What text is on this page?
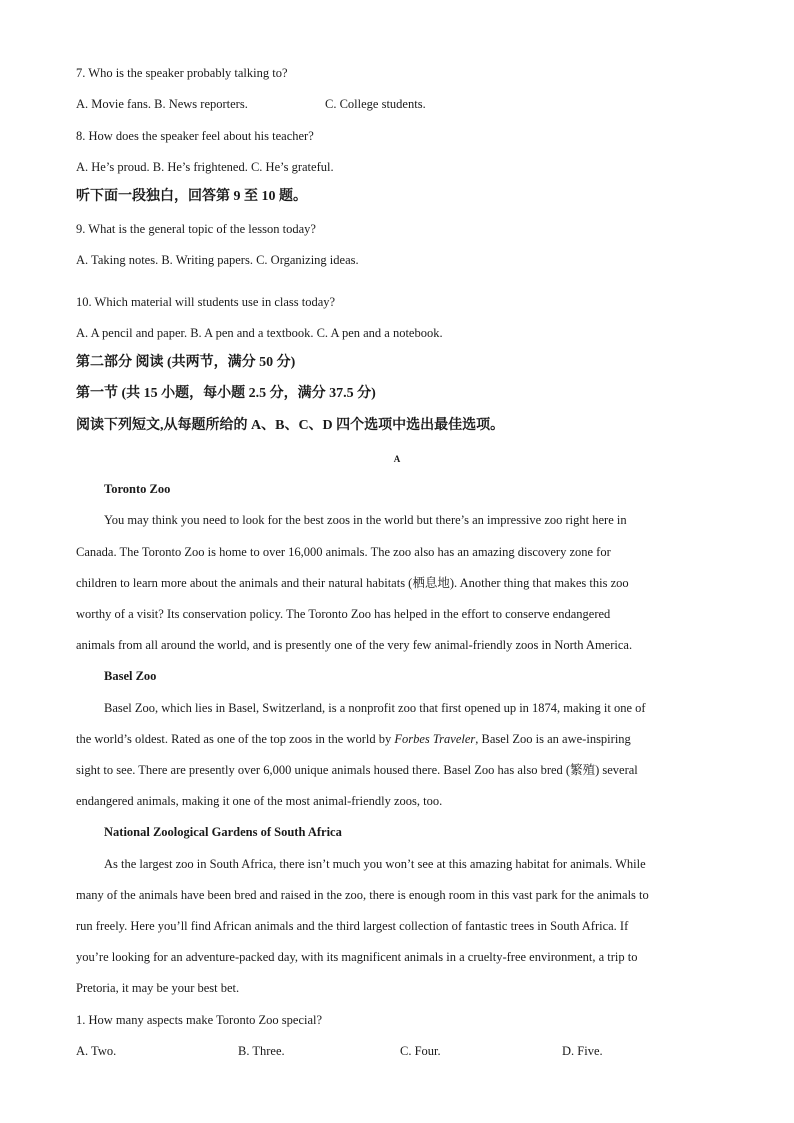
7. Who is the speaker probably talking to?
A. Movie fans. B. News reporters.	C. College students.
8. How does the speaker feel about his teacher?
A. He’s proud. B. He’s frightened. C. He’s grateful.
听下面一段独白，回答第 9 至 10 题。
9. What is the general topic of the lesson today?
A. Taking notes. B. Writing papers. C. Organizing ideas.
10. Which material will students use in class today?
A. A pencil and paper. B. A pen and a textbook. C. A pen and a notebook.
第二部分 阅读 (共两节，满分 50 分)
第一节 (共 15 小题，每小题 2.5 分，满分 37.5 分)
阅读下列短文,从每题所给的 A、B、C、D 四个选项中选出最佳选项。
A
Toronto Zoo
You may think you need to look for the best zoos in the world but there’s an impressive zoo right here in
Canada. The Toronto Zoo is home to over 16,000 animals. The zoo also has an amazing discovery zone for
children to learn more about the animals and their natural habitats (栖息地). Another thing that makes this zoo
worthy of a visit? Its conservation policy. The Toronto Zoo has helped in the effort to conserve endangered
animals from all around the world, and is presently one of the very few animal-friendly zoos in North America.
Basel Zoo
Basel Zoo, which lies in Basel, Switzerland, is a nonprofit zoo that first opened up in 1874, making it one of
the world’s oldest. Rated as one of the top zoos in the world by Forbes Traveler, Basel Zoo is an awe-inspiring
sight to see. There are presently over 6,000 unique animals housed there. Basel Zoo has also bred (繁殖) several
endangered animals, making it one of the most animal-friendly zoos, too.
National Zoological Gardens of South Africa
As the largest zoo in South Africa, there isn’t much you won’t see at this amazing habitat for animals. While
many of the animals have been bred and raised in the zoo, there is enough room in this vast park for the animals to
run freely. Here you’ll find African animals and the third largest collection of fantastic trees in South Africa. If
you’re looking for an adventure-packed day, with its magnificent animals in a cruelty-free environment, a trip to
Pretoria, it may be your best bet.
1. How many aspects make Toronto Zoo special?
A. Two.	B. Three.	C. Four.	D. Five.
